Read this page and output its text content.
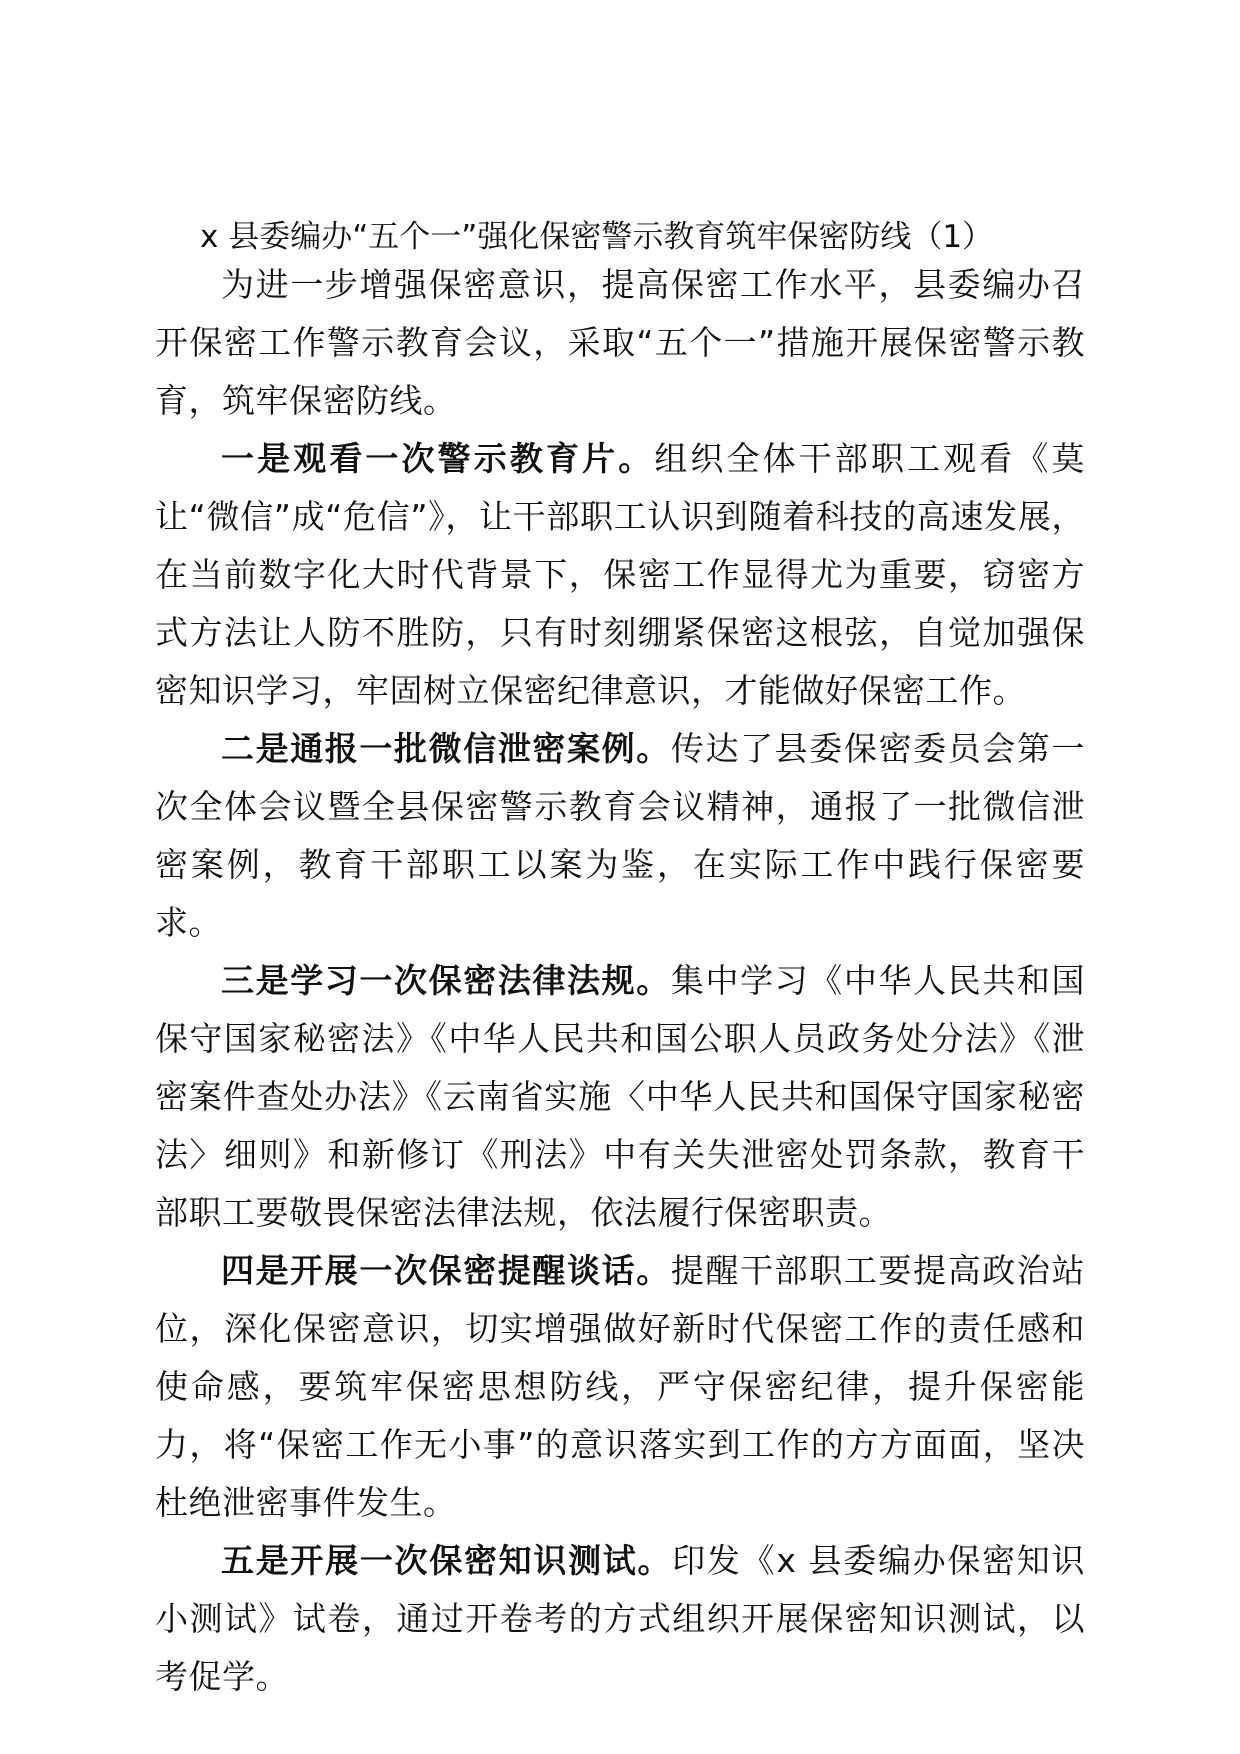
x 县委编办“五个一”强化保密警示教育筑牢保密防线（1）

为进一步增强保密意识，提高保密工作水平，县委编办召开保密工作警示教育会议，采取“五个一”措施开展保密警示教育，筑牢保密防线。

一是观看一次警示教育片。组织全体干部职工观看《莫让“微信”成“危信”》，让干部职工认识到随着科技的高速发展，在当前数字化大时代背景下，保密工作显得尤为重要，窃密方式方法让人防不胜防，只有时刻绷紧保密这根弦，自觉加强保密知识学习，牢固树立保密纪律意识，才能做好保密工作。

二是通报一批微信泄密案例。传达了县委保密委员会第一次全体会议暨全县保密警示教育会议精神，通报了一批微信泄密案例，教育干部职工以案为鉴，在实际工作中践行保密要求。

三是学习一次保密法律法规。集中学习《中华人民共和国保守国家秘密法》《中华人民共和国公职人员政务处分法》《泄密案件查处办法》《云南省实施〈中华人民共和国保守国家秘密法〉细则》和新修订《刑法》中有关失泄密处罚条款，教育干部职工要敬畏保密法律法规，依法履行保密职责。

四是开展一次保密提醒谈话。提醒干部职工要提高政治站位，深化保密意识，切实增强做好新时代保密工作的责任感和使命感，要筑牢保密思想防线，严守保密纪律，提升保密能力，将“保密工作无小事”的意识落实到工作的方方面面，坚决杜绝泄密事件发生。

五是开展一次保密知识测试。印发《x 县委编办保密知识小测试》试卷，通过开卷考的方式组织开展保密知识测试，以考促学。
